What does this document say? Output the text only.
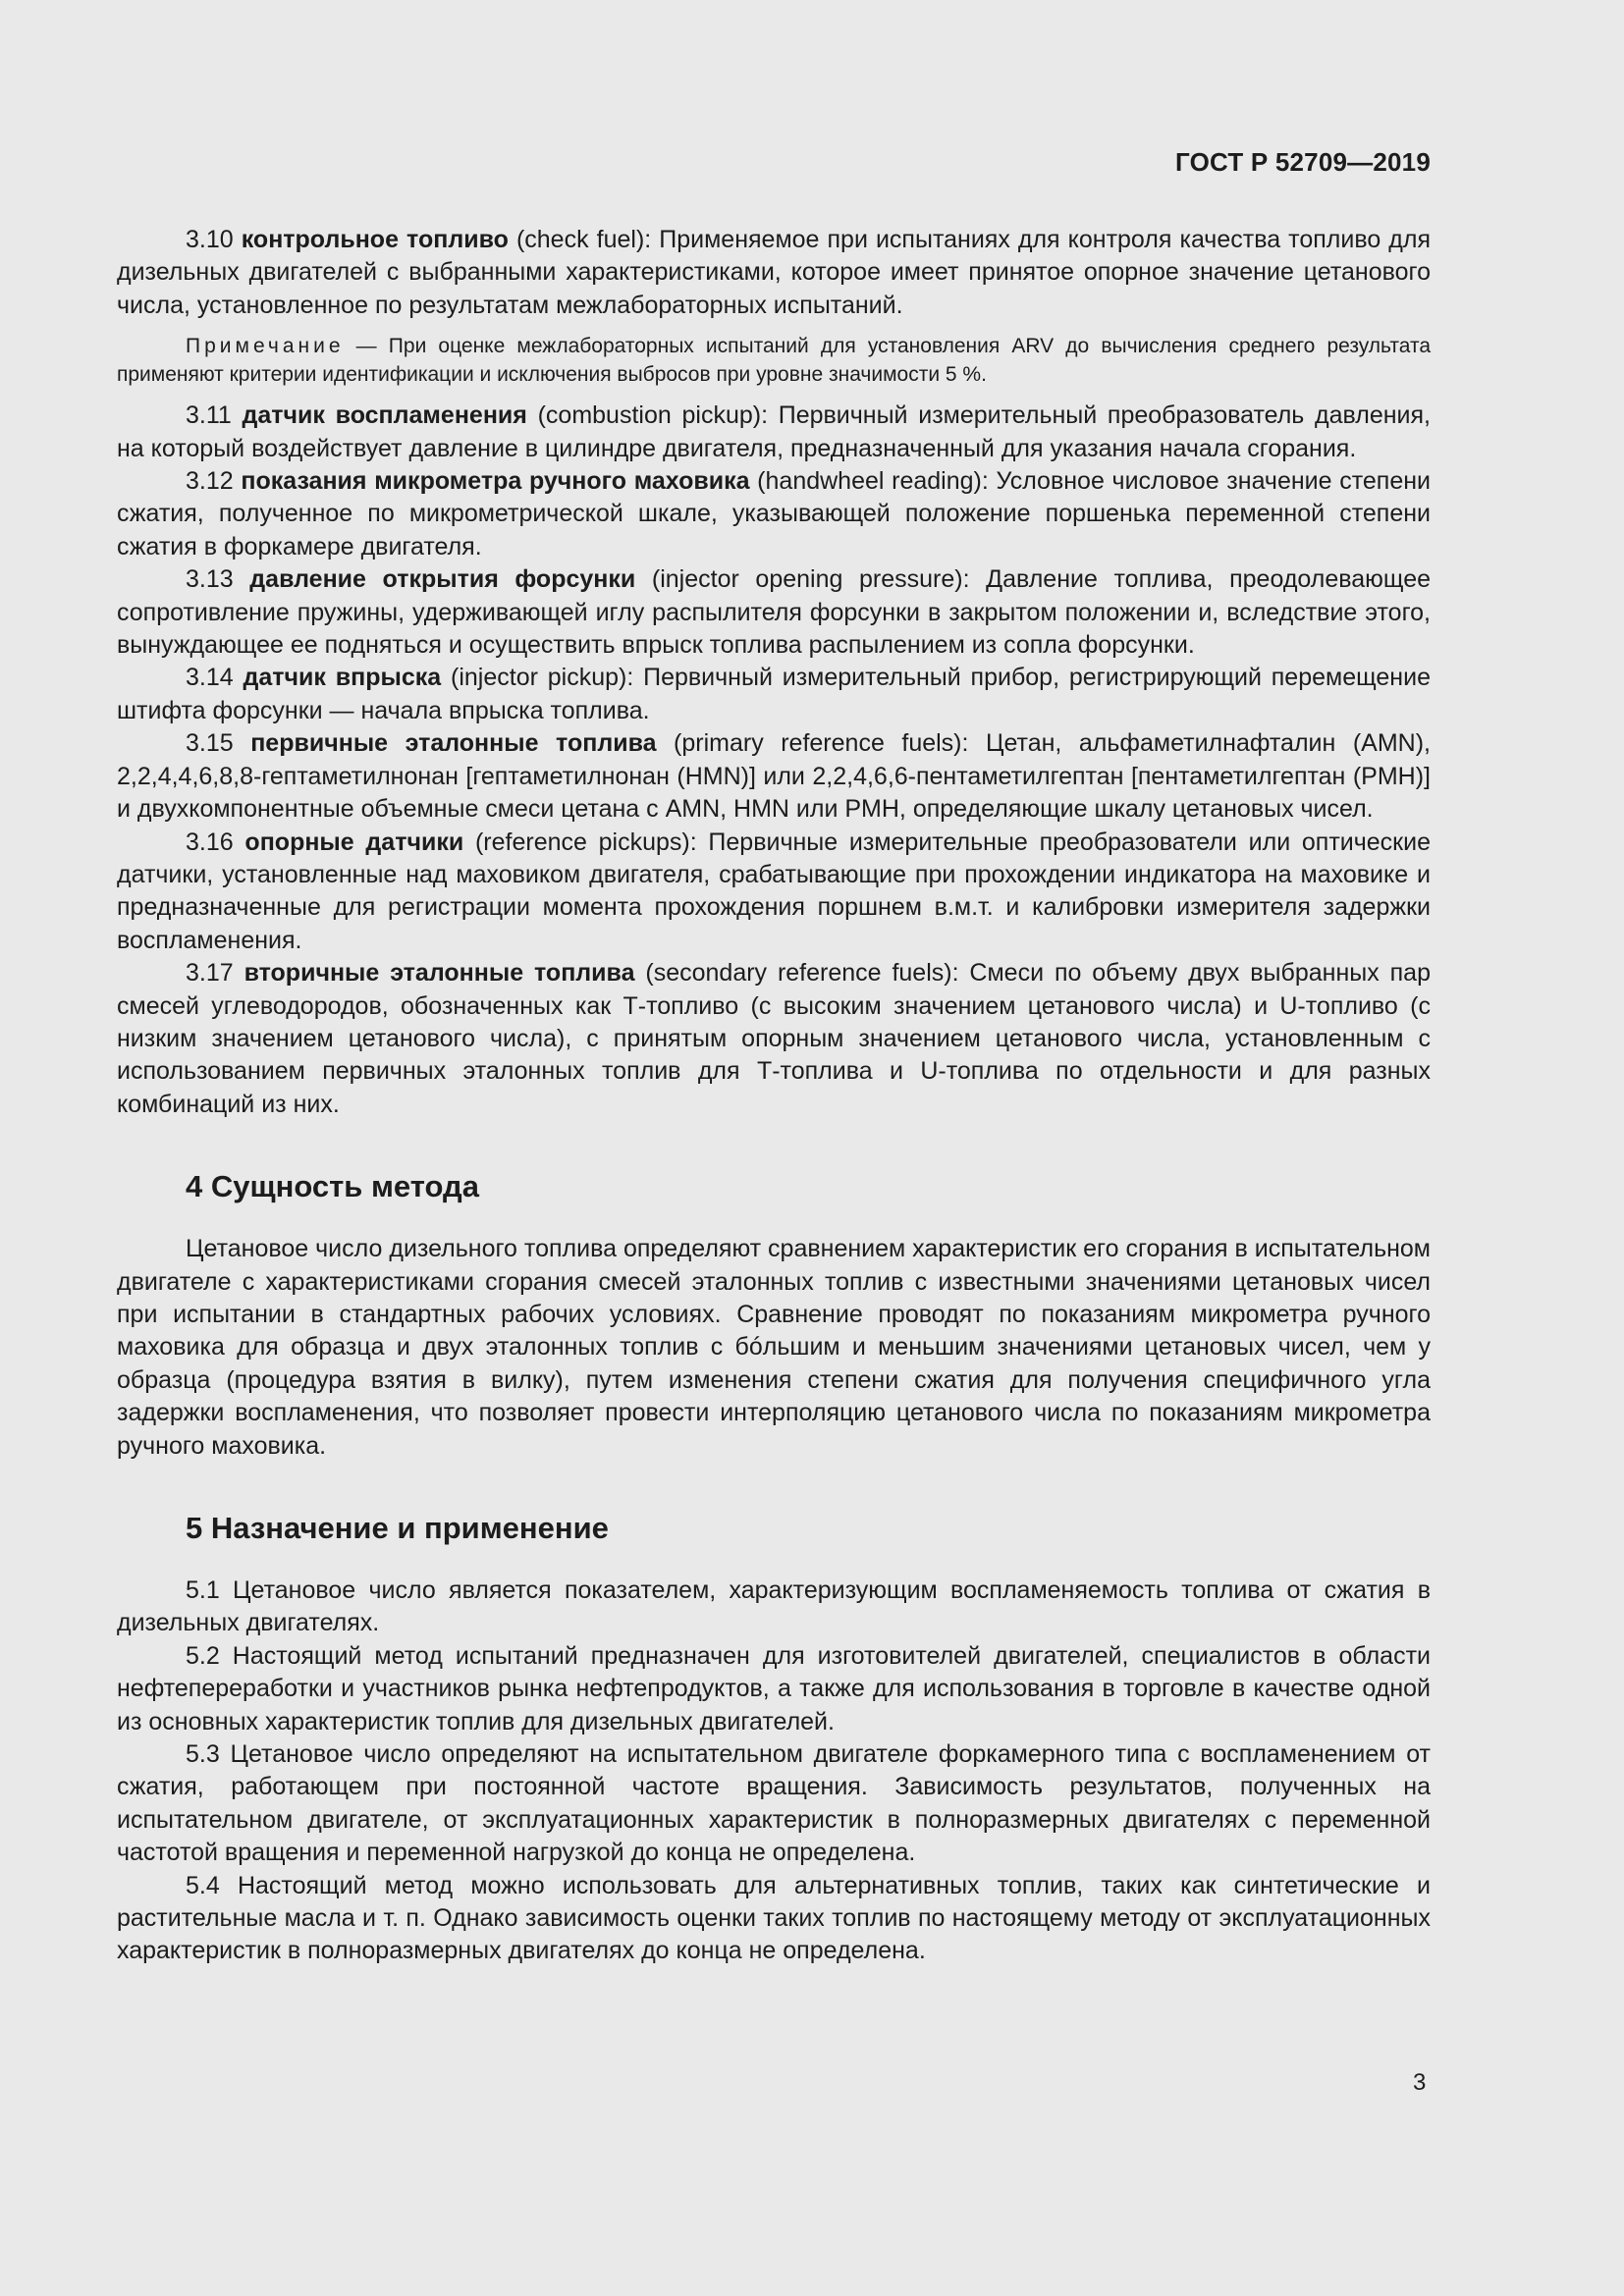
ГОСТ Р 52709—2019

3.10 контрольное топливо (check fuel): Применяемое при испытаниях для контроля качества топливо для дизельных двигателей с выбранными характеристиками, которое имеет принятое опорное значение цетанового числа, установленное по результатам межлабораторных испытаний.

Примечание — При оценке межлабораторных испытаний для установления ARV до вычисления среднего результата применяют критерии идентификации и исключения выбросов при уровне значимости 5 %.

3.11 датчик воспламенения (combustion pickup): Первичный измерительный преобразователь давления, на который воздействует давление в цилиндре двигателя, предназначенный для указания начала сгорания.

3.12 показания микрометра ручного маховика (handwheel reading): Условное числовое значение степени сжатия, полученное по микрометрической шкале, указывающей положение поршенька переменной степени сжатия в форкамере двигателя.

3.13 давление открытия форсунки (injector opening pressure): Давление топлива, преодолевающее сопротивление пружины, удерживающей иглу распылителя форсунки в закрытом положении и, вследствие этого, вынуждающее ее подняться и осуществить впрыск топлива распылением из сопла форсунки.

3.14 датчик впрыска (injector pickup): Первичный измерительный прибор, регистрирующий перемещение штифта форсунки — начала впрыска топлива.

3.15 первичные эталонные топлива (primary reference fuels): Цетан, альфаметилнафталин (AMN), 2,2,4,4,6,8,8-гептаметилнонан [гептаметилнонан (HMN)] или 2,2,4,6,6-пентаметилгептан [пентаметилгептан (PMH)] и двухкомпонентные объемные смеси цетана с AMN, HMN или PMH, определяющие шкалу цетановых чисел.

3.16 опорные датчики (reference pickups): Первичные измерительные преобразователи или оптические датчики, установленные над маховиком двигателя, срабатывающие при прохождении индикатора на маховике и предназначенные для регистрации момента прохождения поршнем в.м.т. и калибровки измерителя задержки воспламенения.

3.17 вторичные эталонные топлива (secondary reference fuels): Смеси по объему двух выбранных пар смесей углеводородов, обозначенных как Т-топливо (с высоким значением цетанового числа) и U-топливо (с низким значением цетанового числа), с принятым опорным значением цетанового числа, установленным с использованием первичных эталонных топлив для Т-топлива и U-топлива по отдельности и для разных комбинаций из них.

4 Сущность метода

Цетановое число дизельного топлива определяют сравнением характеристик его сгорания в испытательном двигателе с характеристиками сгорания смесей эталонных топлив с известными значениями цетановых чисел при испытании в стандартных рабочих условиях. Сравнение проводят по показаниям микрометра ручного маховика для образца и двух эталонных топлив с бóльшим и меньшим значениями цетановых чисел, чем у образца (процедура взятия в вилку), путем изменения степени сжатия для получения специфичного угла задержки воспламенения, что позволяет провести интерполяцию цетанового числа по показаниям микрометра ручного маховика.

5 Назначение и применение

5.1 Цетановое число является показателем, характеризующим воспламеняемость топлива от сжатия в дизельных двигателях.

5.2 Настоящий метод испытаний предназначен для изготовителей двигателей, специалистов в области нефтепереработки и участников рынка нефтепродуктов, а также для использования в торговле в качестве одной из основных характеристик топлив для дизельных двигателей.

5.3 Цетановое число определяют на испытательном двигателе форкамерного типа с воспламенением от сжатия, работающем при постоянной частоте вращения. Зависимость результатов, полученных на испытательном двигателе, от эксплуатационных характеристик в полноразмерных двигателях с переменной частотой вращения и переменной нагрузкой до конца не определена.

5.4 Настоящий метод можно использовать для альтернативных топлив, таких как синтетические и растительные масла и т. п. Однако зависимость оценки таких топлив по настоящему методу от эксплуатационных характеристик в полноразмерных двигателях до конца не определена.

3
